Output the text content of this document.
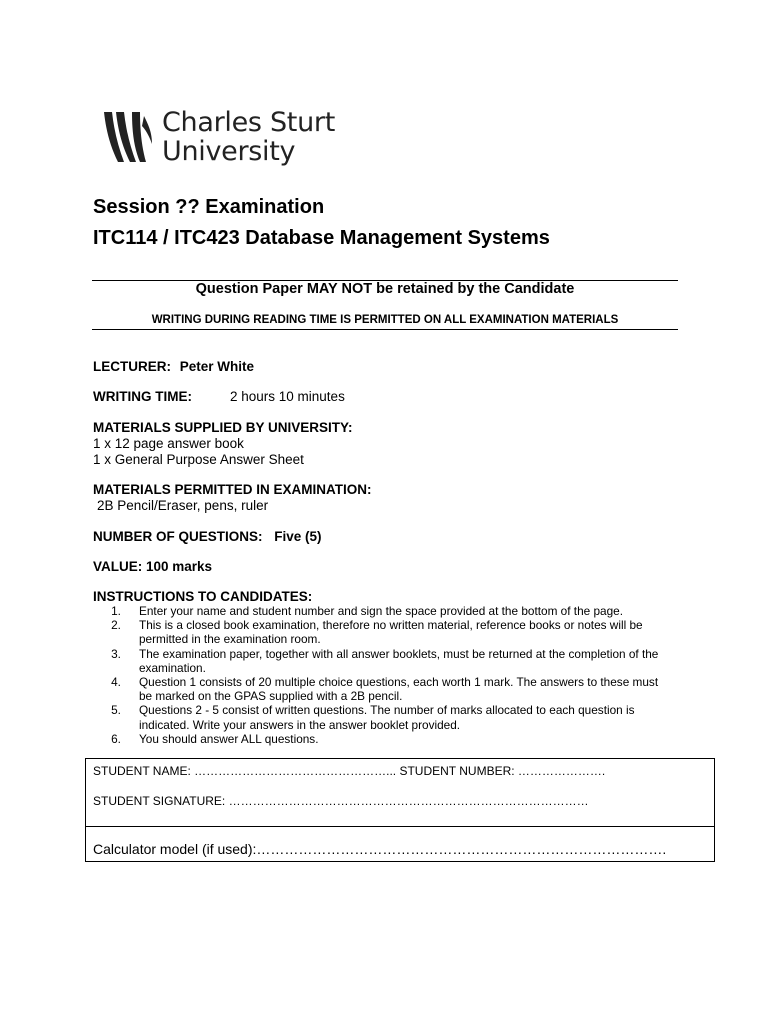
Charles Sturt
University
Session ?? Examination
ITC114 / ITC423 Database Management Systems
Question Paper MAY NOT be retained by the Candidate
WRITING DURING READING TIME IS PERMITTED ON ALL EXAMINATION MATERIALS
LECTURER: Peter White
WRITING TIME:	2 hours 10 minutes
MATERIALS SUPPLIED BY UNIVERSITY:
1 x 12 page answer book
1 x General Purpose Answer Sheet
MATERIALS PERMITTED IN EXAMINATION:
2B Pencil/Eraser, pens, ruler
NUMBER OF QUESTIONS: Five (5)
VALUE: 100 marks
INSTRUCTIONS TO CANDIDATES:
1.	Enter your name and student number and sign the space provided at the bottom of the page.
2.	This is a closed book examination, therefore no written material, reference books or notes will be
permitted in the examination room.
3.	The examination paper, together with all answer booklets, must be returned at the completion of the
examination.
4.	Question 1 consists of 20 multiple choice questions, each worth 1 mark. The answers to these must
be marked on the GPAS supplied with a 2B pencil.
5.	Questions 2 - 5 consist of written questions. The number of marks allocated to each question is
indicated. Write your answers in the answer booklet provided.
6.	You should answer ALL questions.
STUDENT NAME: …………………………………………... STUDENT NUMBER: ………………….
STUDENT SIGNATURE: ………………………………………………………………………………
Calculator model (if used):…………………………………………………………………………….
